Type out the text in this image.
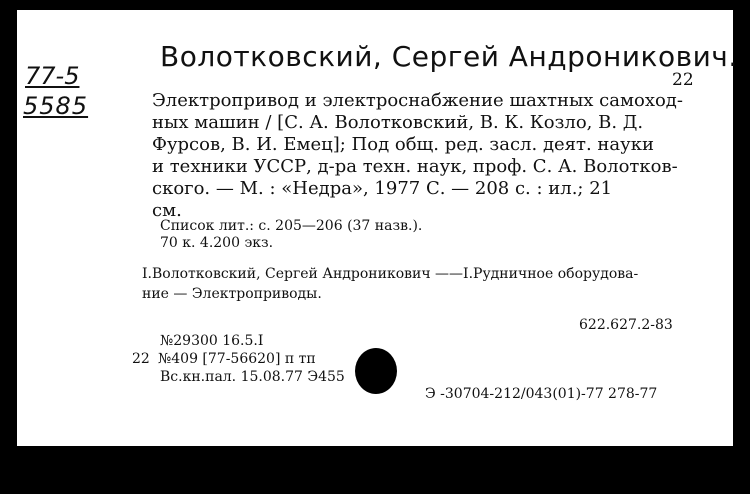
77-5
5585
Волотковский, Сергей Андроникович.
22
Электропривод и электроснабжение шахтных самоход-
ных машин / [С. А. Волотковский, В. К. Козло, В. Д.
Фурсов, В. И. Емец]; Под общ. ред. засл. деят. науки
и техники УССР, д-ра техн. наук, проф. С. А. Волотков-
ского. — М. : «Недра», 1977 С. — 208 с. : ил.; 21
см.
Список лит.: с. 205—206 (37 назв.).
70 к. 4.200 экз.
I.Волотковский, Сергей Андроникович ——I.Рудничное оборудова-
ние — Электроприводы.
622.627.2-83
№29300 16.5.I
22 №409 [77-56620] п тп
Вс.кн.пал. 15.08.77 Э455
Э -30704-212/043(01)-77 278-77
